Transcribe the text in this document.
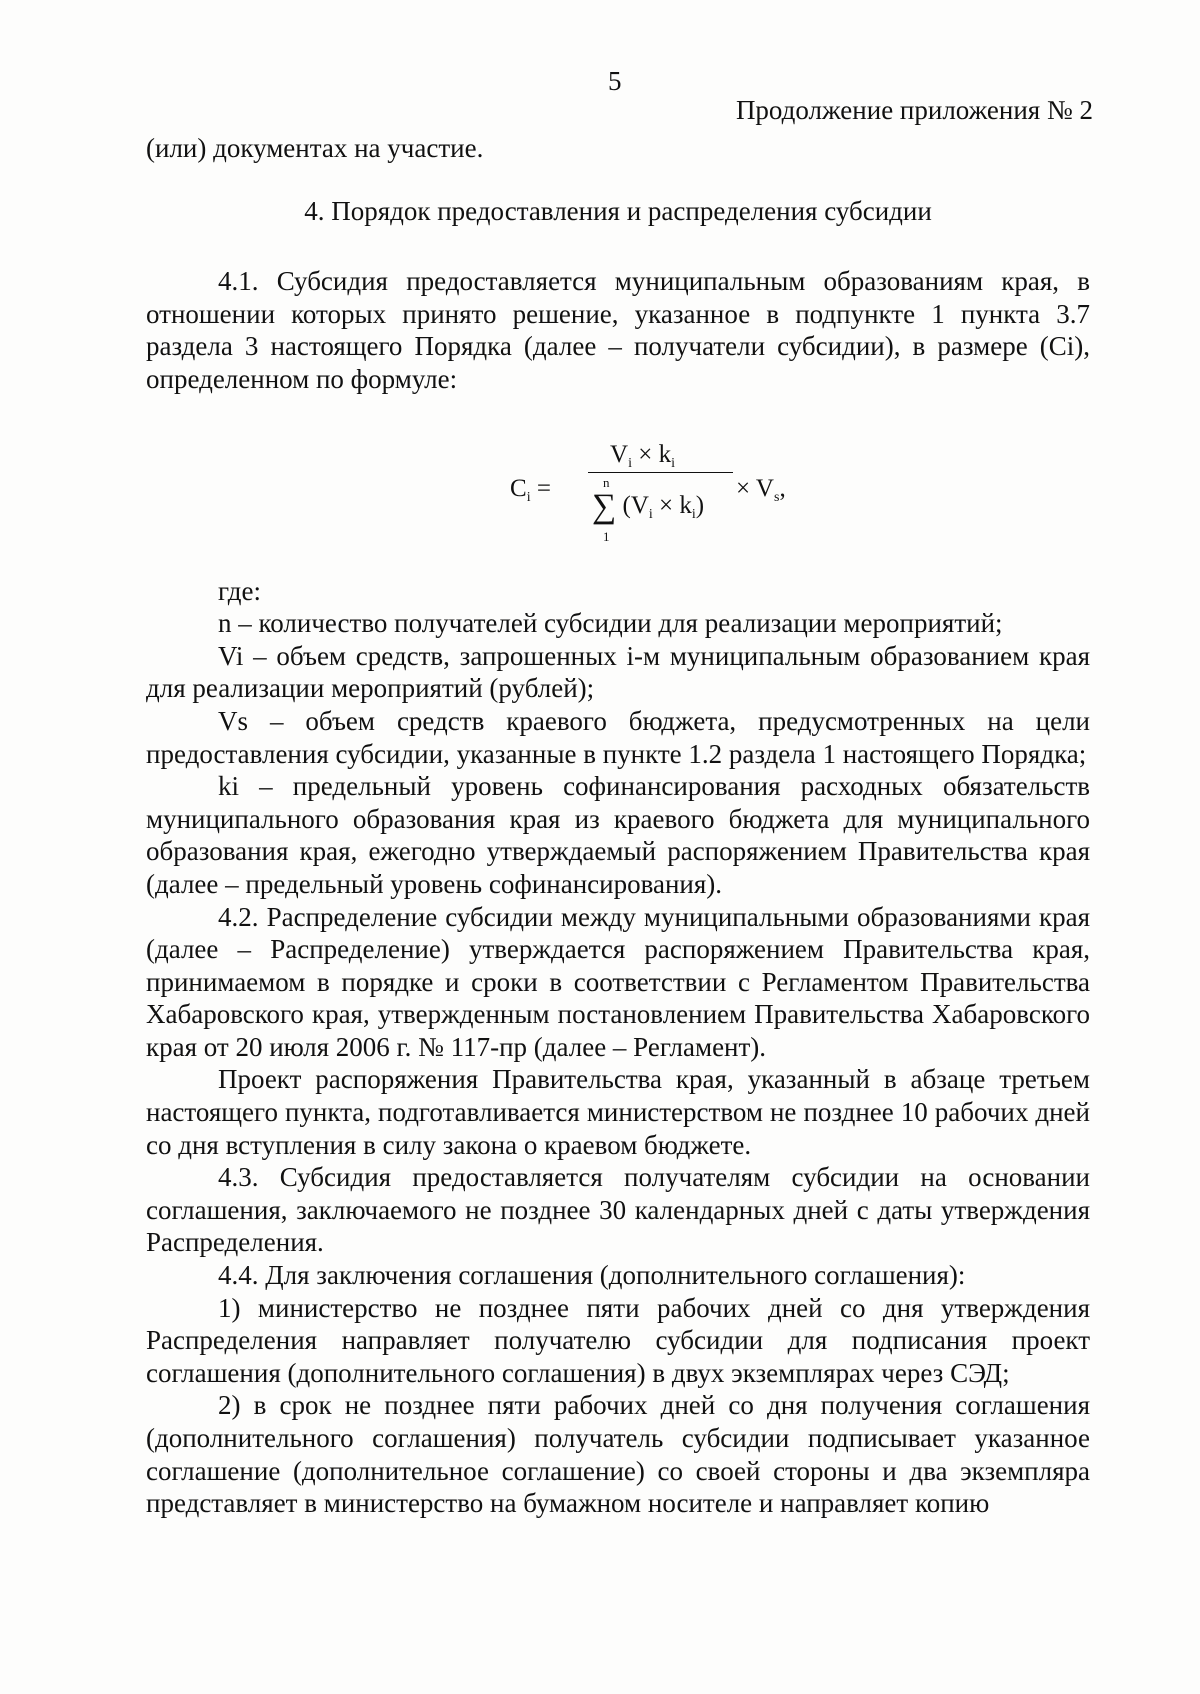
5
Продолжение приложения № 2

(или) документах на участие.

4. Порядок предоставления и распределения субсидии

4.1. Субсидия предоставляется муниципальным образованиям края, в отношении которых принято решение, указанное в подпункте 1 пункта 3.7 раздела 3 настоящего Порядка (далее – получатели субсидии), в размере (Ci), определенном по формуле:

$C_i$ =
$V_i \times k_i$
n
∑ $(V_i \times k_i)$
1
× $V_s$,

где:

n – количество получателей субсидии для реализации мероприятий;

Vi – объем средств, запрошенных i-м муниципальным образованием края для реализации мероприятий (рублей);

Vs – объем средств краевого бюджета, предусмотренных на цели предоставления субсидии, указанные в пункте 1.2 раздела 1 настоящего Порядка;

ki – предельный уровень софинансирования расходных обязательств муниципального образования края из краевого бюджета для муниципального образования края, ежегодно утверждаемый распоряжением Правительства края (далее – предельный уровень софинансирования).

4.2. Распределение субсидии между муниципальными образованиями края (далее – Распределение) утверждается распоряжением Правительства края, принимаемом в порядке и сроки в соответствии с Регламентом Правительства Хабаровского края, утвержденным постановлением Правительства Хабаровского края от 20 июля 2006 г. № 117-пр (далее – Регламент).

Проект распоряжения Правительства края, указанный в абзаце третьем настоящего пункта, подготавливается министерством не позднее 10 рабочих дней со дня вступления в силу закона о краевом бюджете.

4.3. Субсидия предоставляется получателям субсидии на основании соглашения, заключаемого не позднее 30 календарных дней с даты утверждения Распределения.

4.4. Для заключения соглашения (дополнительного соглашения):

1) министерство не позднее пяти рабочих дней со дня утверждения Распределения направляет получателю субсидии для подписания проект соглашения (дополнительного соглашения) в двух экземплярах через СЭД;

2) в срок не позднее пяти рабочих дней со дня получения соглашения (дополнительного соглашения) получатель субсидии подписывает указанное соглашение (дополнительное соглашение) со своей стороны и два экземпляра представляет в министерство на бумажном носителе и направляет копию
